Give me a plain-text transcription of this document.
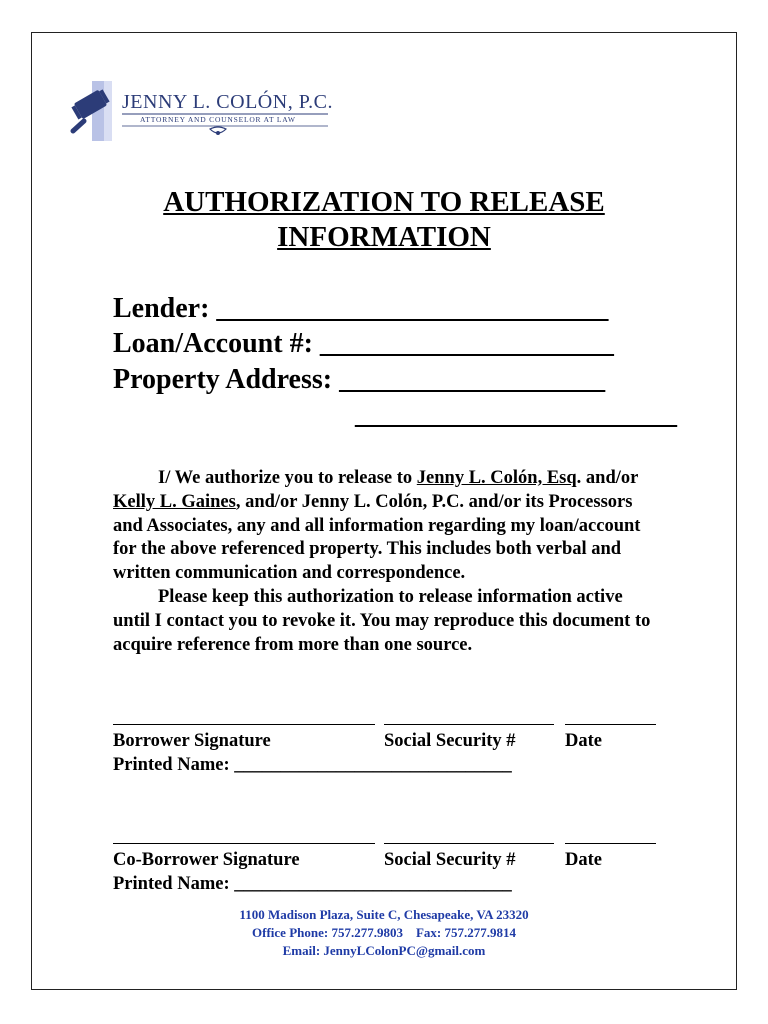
JENNY L. COLÓN, P.C.
ATTORNEY AND COUNSELOR AT LAW
AUTHORIZATION TO RELEASE
INFORMATION
Lender: ____________________________
Loan/Account #: _____________________
Property Address: ___________________
_______________________

I/ We authorize you to release to Jenny L. Colón, Esq. and/or Kelly L. Gaines, and/or Jenny L. Colón, P.C. and/or its Processors and Associates, any and all information regarding my loan/account for the above referenced property. This includes both verbal and written communication and correspondence.

Please keep this authorization to release information active until I contact you to revoke it. You may reproduce this document to acquire reference from more than one source.

Borrower Signature	Social Security #	Date
Printed Name: ______________________________
Co-Borrower Signature	Social Security #	Date
Printed Name: ______________________________
1100 Madison Plaza, Suite C, Chesapeake, VA 23320
Office Phone: 757.277.9803    Fax: 757.277.9814
Email: JennyLColonPC@gmail.com
